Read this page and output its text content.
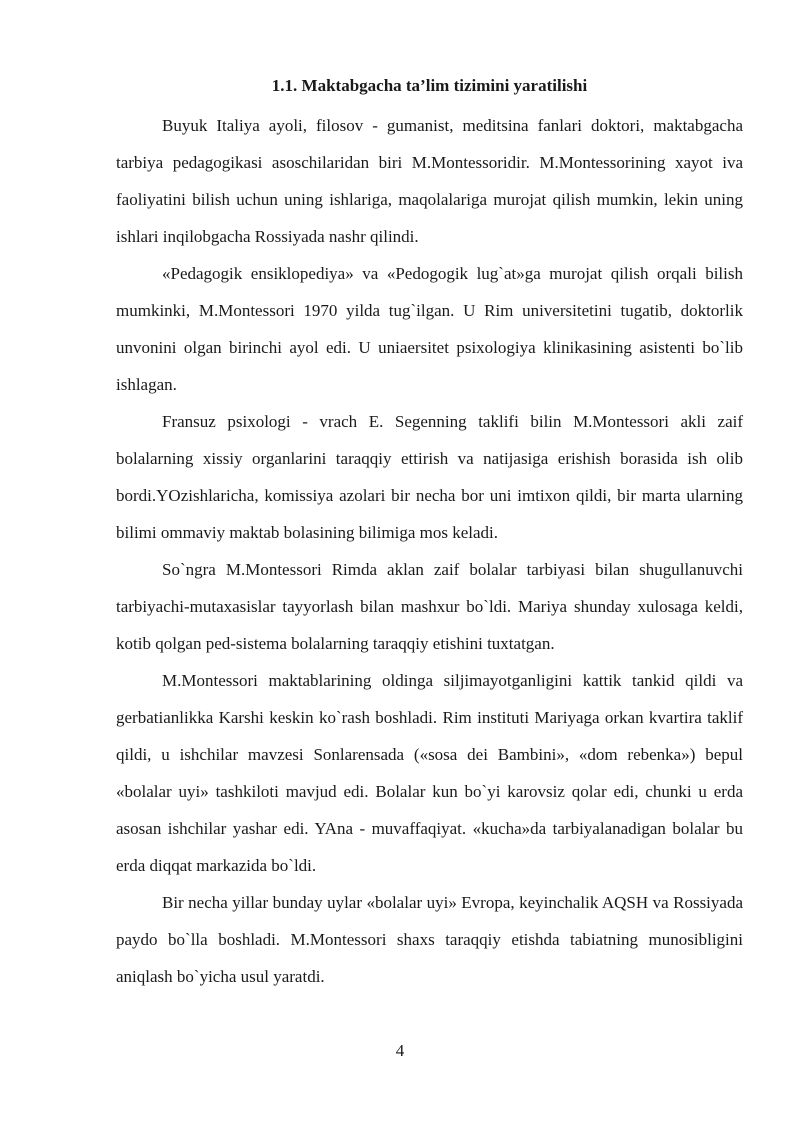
1.1. Maktabgacha ta’lim tizimini yaratilishi

Buyuk Italiya ayoli, filosov - gumanist, meditsina fanlari doktori, maktabgacha tarbiya pedagogikasi asoschilaridan biri M.Montessoridir. M.Montessorining xayot iva faoliyatini bilish uchun uning ishlariga, maqolalariga murojat qilish mumkin, lekin uning ishlari inqilobgacha Rossiyada nashr qilindi.

«Pedagogik ensiklopediya» va «Pedogogik lug`at»ga murojat qilish orqali bilish mumkinki, M.Montessori 1970 yilda tug`ilgan. U Rim universitetini tugatib, doktorlik unvonini olgan birinchi ayol edi. U uniaersitet psixologiya klinikasining asistenti bo`lib ishlagan.

Fransuz psixologi - vrach E. Segenning taklifi bilin M.Montessori akli zaif bolalarning xissiy organlarini taraqqiy ettirish va natijasiga erishish borasida ish olib bordi.YOzishlaricha, komissiya azolari bir necha bor uni imtixon qildi, bir marta ularning bilimi ommaviy maktab bolasining bilimiga mos keladi.

So`ngra M.Montessori Rimda aklan zaif bolalar tarbiyasi bilan shugullanuvchi tarbiyachi-mutaxasislar tayyorlash bilan mashxur bo`ldi. Mariya shunday xulosaga keldi, kotib qolgan ped-sistema bolalarning taraqqiy etishini tuxtatgan.

M.Montessori maktablarining oldinga siljimayotganligini kattik tankid qildi va gerbatianlikka Karshi keskin ko`rash boshladi. Rim instituti Mariyaga orkan kvartira taklif qildi, u ishchilar mavzesi Sonlarensada («sosa dei Bambini», «dom rebenka») bepul «bolalar uyi» tashkiloti mavjud edi. Bolalar kun bo`yi karovsiz qolar edi, chunki u erda asosan ishchilar yashar edi. YAna - muvaffaqiyat. «kucha»da tarbiyalanadigan bolalar bu erda diqqat markazida bo`ldi.

Bir necha yillar bunday uylar «bolalar uyi» Evropa, keyinchalik AQSH va Rossiyada paydo bo`lla boshladi. M.Montessori shaxs taraqqiy etishda tabiatning munosibligini aniqlash bo`yicha usul yaratdi.

4
